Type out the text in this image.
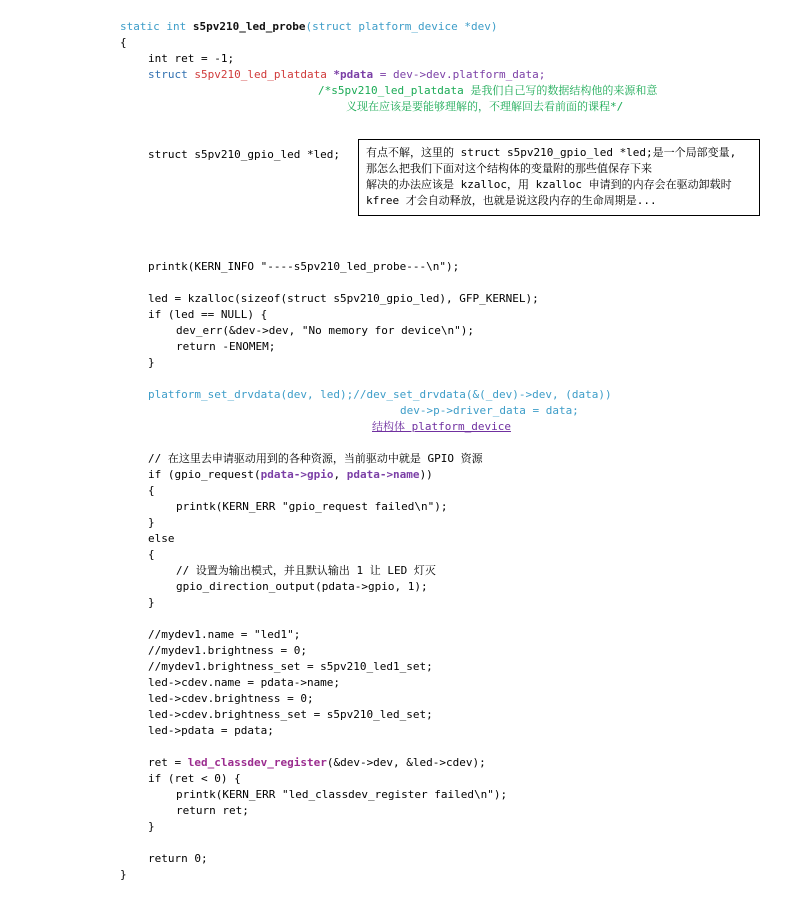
static int s5pv210_led_probe(struct platform_device *dev)
{
int ret = -1;
struct s5pv210_led_platdata *pdata = dev->dev.platform_data;
/*s5pv210_led_platdata 是我们自己写的数据结构他的来源和意
义现在应该是要能够理解的，不理解回去看前面的课程*/
struct s5pv210_gpio_led *led; 有点不解，这里的 struct s5pv210_gpio_led *led;是一个局部变量,
那怎么把我们下面对这个结构体的变量附的那些值保存下来
解决的办法应该是 kzalloc，用 kzalloc 申请到的内存会在驱动卸载时
kfree 才会自动释放，也就是说这段内存的生命周期是...
printk(KERN_INFO "----s5pv210_led_probe---\n");
led = kzalloc(sizeof(struct s5pv210_gpio_led), GFP_KERNEL);
if (led == NULL) {
dev_err(&dev->dev, "No memory for device\n");
return -ENOMEM;
}
platform_set_drvdata(dev, led);//dev_set_drvdata(&(_dev)->dev, (data))
dev->p->driver_data = data;
结构体 platform_device
// 在这里去申请驱动用到的各种资源，当前驱动中就是 GPIO 资源
if (gpio_request(pdata->gpio, pdata->name))
{
printk(KERN_ERR "gpio_request failed\n");
}
else
{
// 设置为输出模式，并且默认输出 1 让 LED 灯灭
gpio_direction_output(pdata->gpio, 1);
}
//mydev1.name = "led1";
//mydev1.brightness = 0;
//mydev1.brightness_set = s5pv210_led1_set;
led->cdev.name = pdata->name;
led->cdev.brightness = 0;
led->cdev.brightness_set = s5pv210_led_set;
led->pdata = pdata;
ret = led_classdev_register(&dev->dev, &led->cdev);
if (ret < 0) {
printk(KERN_ERR "led_classdev_register failed\n");
return ret;
}
return 0;
}
